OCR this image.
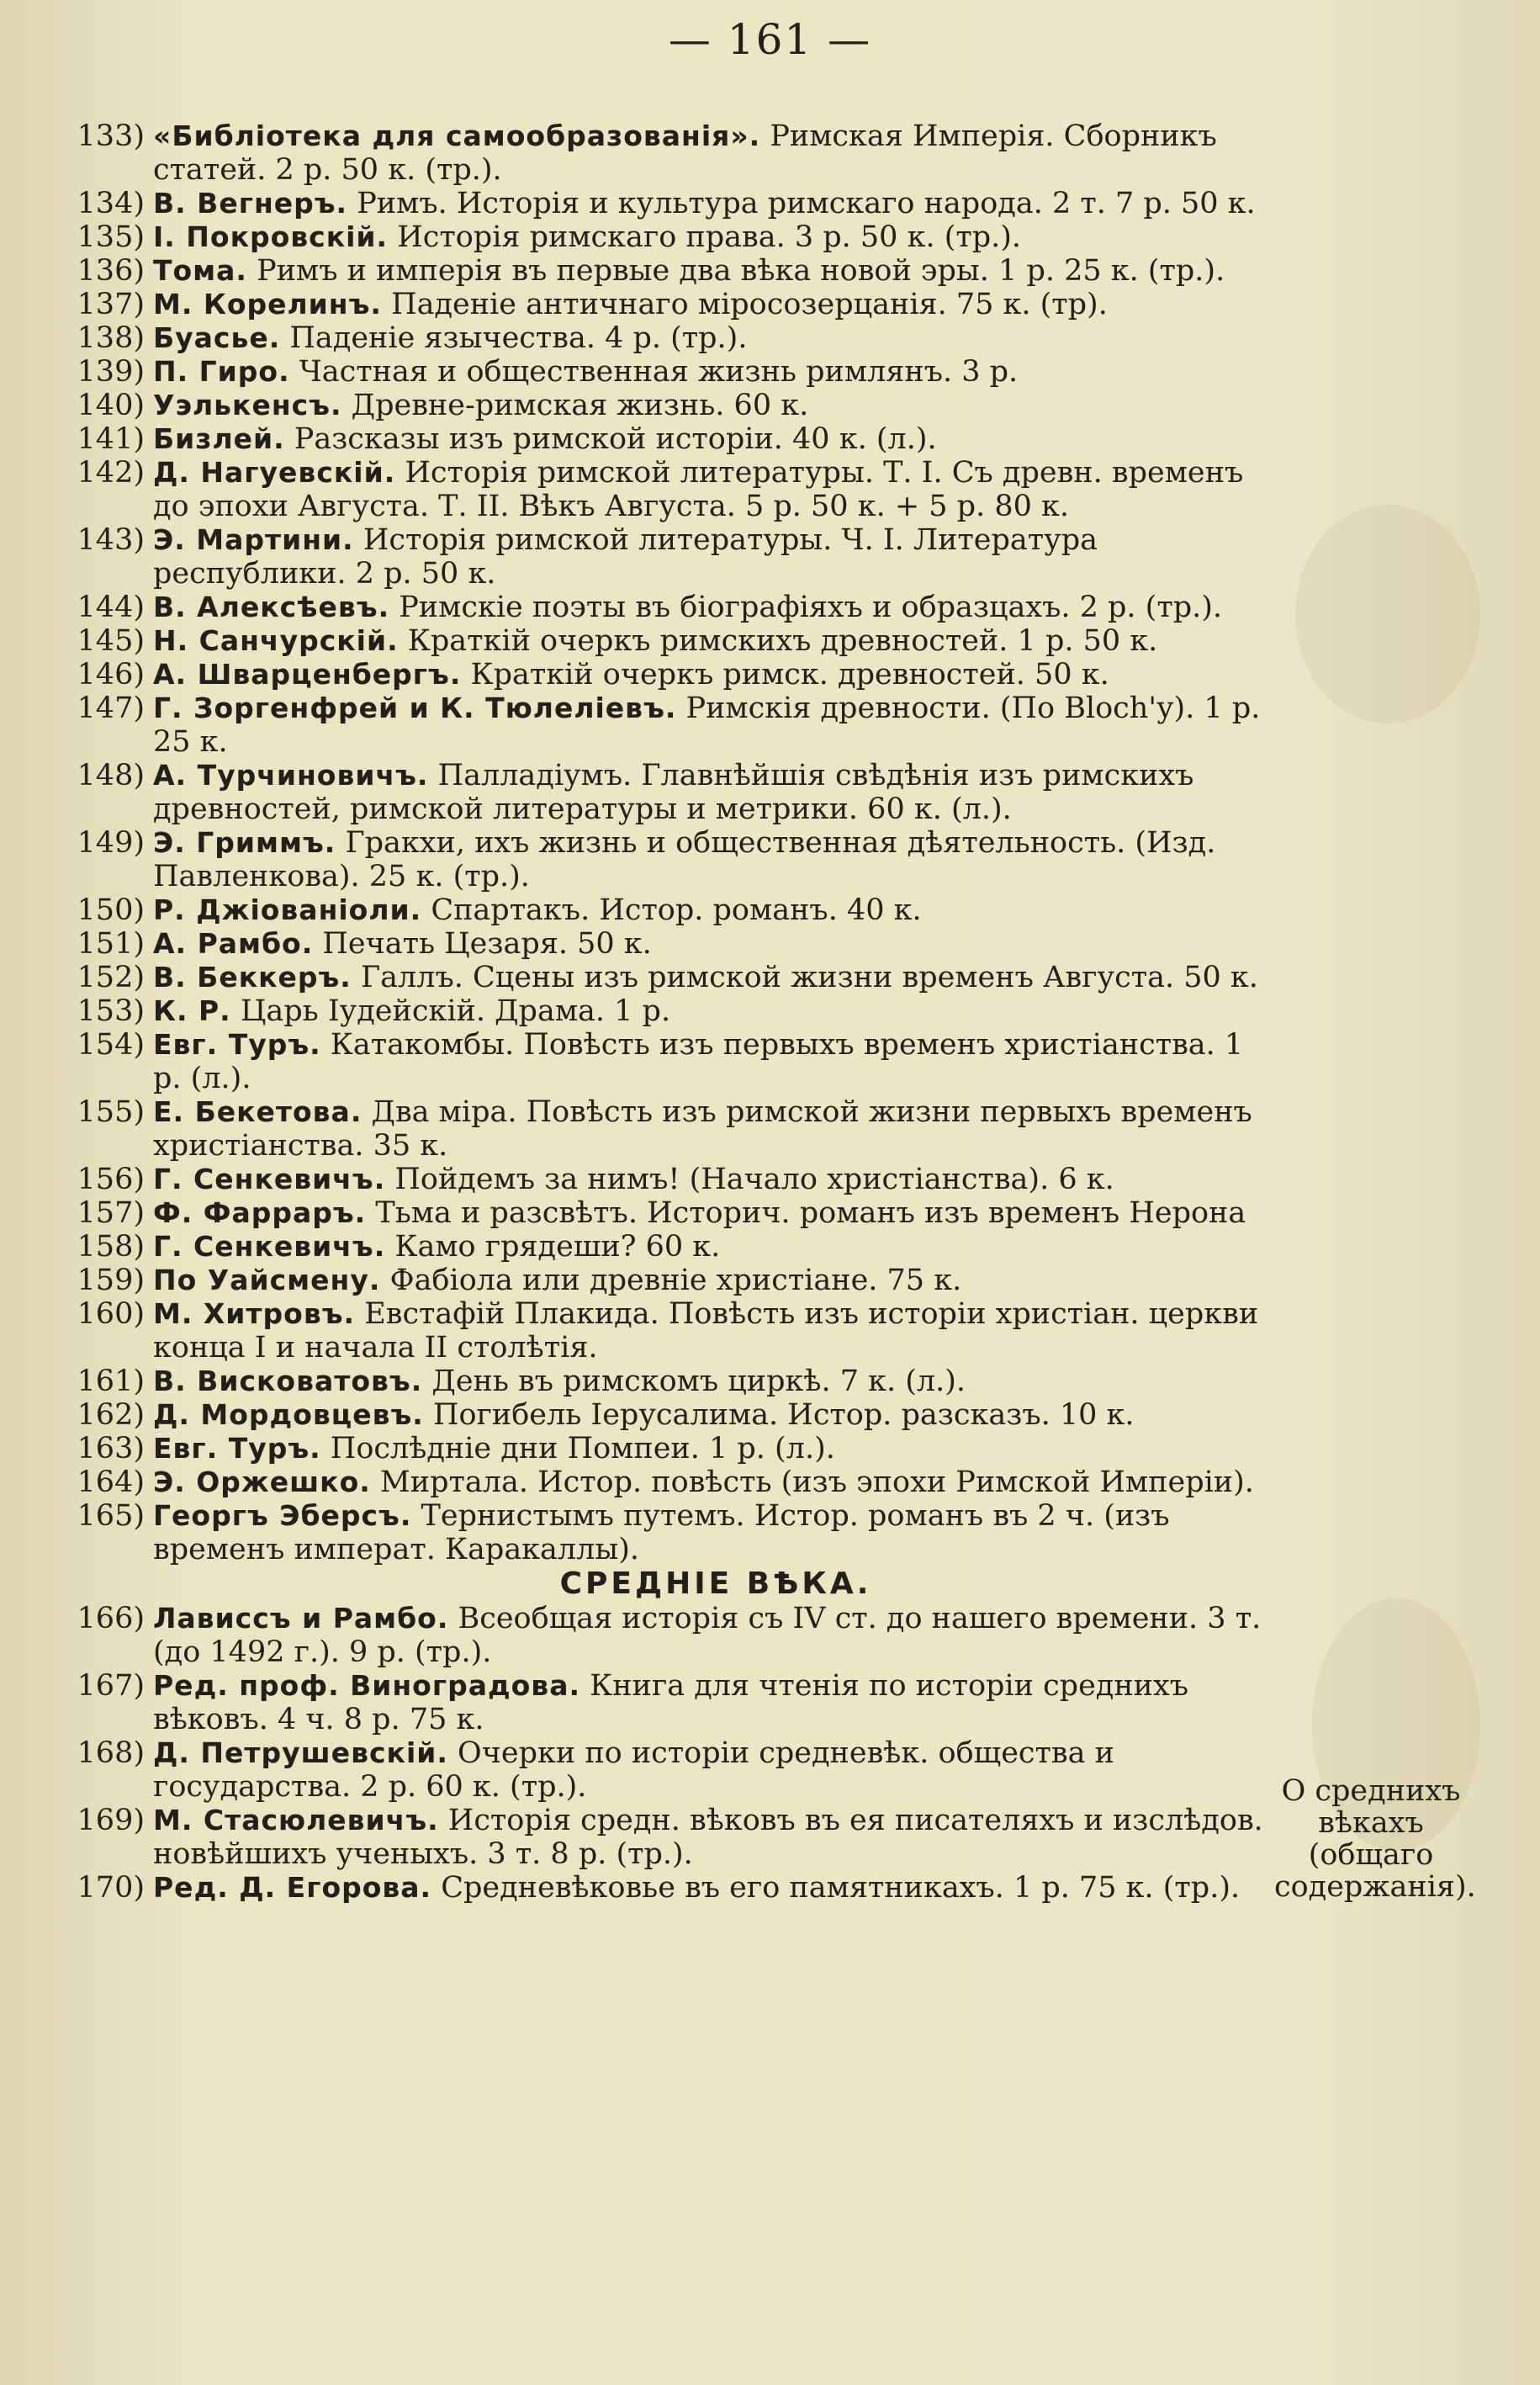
— 161 —
133) «Библіотека для самообразованія». Римская Имперія. Сборникъ статей. 2 р. 50 к. (тр.).
134) В. Вегнеръ. Римъ. Исторія и культура римскаго народа. 2 т. 7 р. 50 к.
135) І. Покровскій. Исторія римскаго права. 3 р. 50 к. (тр.).
136) Тома. Римъ и имперія въ первые два вѣка новой эры. 1 р. 25 к. (тр.).
137) М. Корелинъ. Паденіе античнаго міросозерцанія. 75 к. (тр).
138) Буасье. Паденіе язычества. 4 р. (тр.).
139) П. Гиро. Частная и общественная жизнь римлянъ. 3 р.
140) Уэлькенсъ. Древне-римская жизнь. 60 к.
141) Бизлей. Разсказы изъ римской исторіи. 40 к. (л.).
142) Д. Нагуевскій. Исторія римской литературы. Т. I. Съ древн. временъ до эпохи Августа. Т. II. Вѣкъ Августа. 5 р. 50 к. + 5 р. 80 к.
143) Э. Мартини. Исторія римской литературы. Ч. I. Литература республики. 2 р. 50 к.
144) В. Алексѣевъ. Римскіе поэты въ біографіяхъ и образцахъ. 2 р. (тр.).
145) Н. Санчурскій. Краткій очеркъ римскихъ древностей. 1 р. 50 к.
146) А. Шварценбергъ. Краткій очеркъ римск. древностей. 50 к.
147) Г. Зоргенфрей и К. Тюлеліевъ. Римскія древности. (По Bloch'у). 1 р. 25 к.
148) А. Турчиновичъ. Палладіумъ. Главнѣйшія свѣдѣнія изъ римскихъ древностей, римской литературы и метрики. 60 к. (л.).
149) Э. Гриммъ. Гракхи, ихъ жизнь и общественная дѣятельность. (Изд. Павленкова). 25 к. (тр.).
150) Р. Джіованіоли. Спартакъ. Истор. романъ. 40 к.
151) А. Рамбо. Печать Цезаря. 50 к.
152) В. Беккеръ. Галлъ. Сцены изъ римской жизни временъ Августа. 50 к.
153) К. Р. Царь Іудейскій. Драма. 1 р.
154) Евг. Туръ. Катакомбы. Повѣсть изъ первыхъ временъ христіанства. 1 р. (л.).
155) Е. Бекетова. Два міра. Повѣсть изъ римской жизни первыхъ временъ христіанства. 35 к.
156) Г. Сенкевичъ. Пойдемъ за нимъ! (Начало христіанства). 6 к.
157) Ф. Фарраръ. Тьма и разсвѣтъ. Историч. романъ изъ временъ Нерона
158) Г. Сенкевичъ. Камо грядеши? 60 к.
159) По Уайсмену. Фабіола или древніе христіане. 75 к.
160) М. Хитровъ. Евстафій Плакида. Повѣсть изъ исторіи христіан. церкви конца I и начала II столѣтія.
161) В. Висковатовъ. День въ римскомъ циркѣ. 7 к. (л.).
162) Д. Мордовцевъ. Погибель Іерусалима. Истор. разсказъ. 10 к.
163) Евг. Туръ. Послѣдніе дни Помпеи. 1 р. (л.).
164) Э. Оржешко. Миртала. Истор. повѣсть (изъ эпохи Римской Имперіи).
165) Георгъ Эберсъ. Тернистымъ путемъ. Истор. романъ въ 2 ч. (изъ временъ императ. Каракаллы).
СРЕДНІЕ ВѢКА.
166) Лависсъ и Рамбо. Всеобщая исторія съ IV ст. до нашего времени. 3 т. (до 1492 г.). 9 р. (тр.).
167) Ред. проф. Виноградова. Книга для чтенія по исторіи среднихъ вѣковъ. 4 ч. 8 р. 75 к.
168) Д. Петрушевскій. Очерки по исторіи средневѣк. общества и государства. 2 р. 60 к. (тр.).
169) М. Стасюлевичъ. Исторія средн. вѣковъ въ ея писателяхъ и изслѣдов. новѣйшихъ ученыхъ. 3 т. 8 р. (тр.).
170) Ред. Д. Егорова. Средневѣковье въ его памятникахъ. 1 р. 75 к. (тр.).
О среднихъ вѣкахъ (общаго содержанія).
